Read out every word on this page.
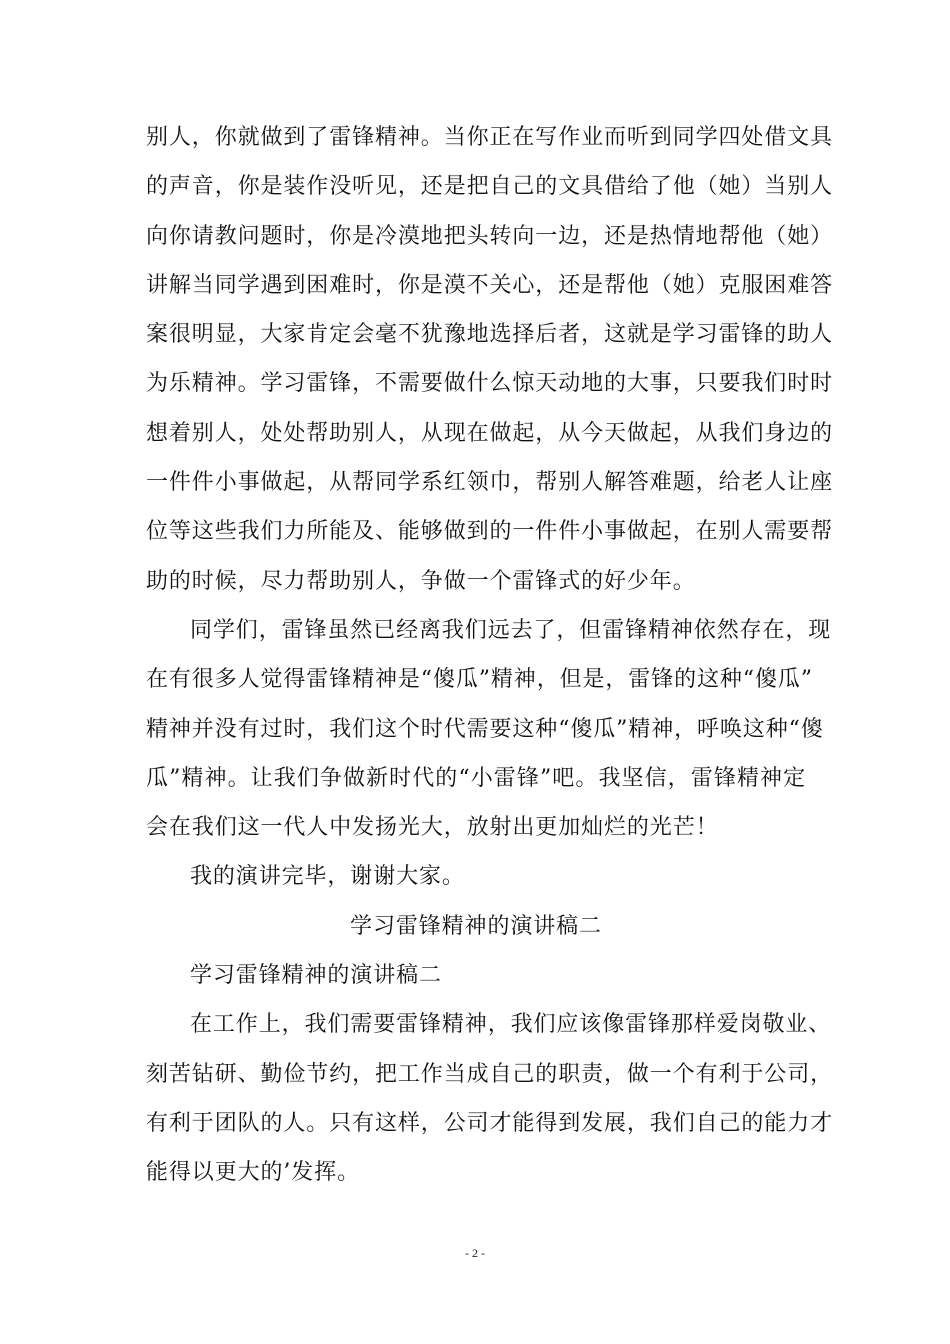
别人，你就做到了雷锋精神。当你正在写作业而听到同学四处借文具
的声音，你是装作没听见，还是把自己的文具借给了他（她）当别人
向你请教问题时，你是冷漠地把头转向一边，还是热情地帮他（她）
讲解当同学遇到困难时，你是漠不关心，还是帮他（她）克服困难答
案很明显，大家肯定会毫不犹豫地选择后者，这就是学习雷锋的助人
为乐精神。学习雷锋，不需要做什么惊天动地的大事，只要我们时时
想着别人，处处帮助别人，从现在做起，从今天做起，从我们身边的
一件件小事做起，从帮同学系红领巾，帮别人解答难题，给老人让座
位等这些我们力所能及、能够做到的一件件小事做起，在别人需要帮
助的时候，尽力帮助别人，争做一个雷锋式的好少年。
同学们，雷锋虽然已经离我们远去了，但雷锋精神依然存在，现
在有很多人觉得雷锋精神是“傻瓜”精神，但是，雷锋的这种“傻瓜”
精神并没有过时，我们这个时代需要这种“傻瓜”精神，呼唤这种“傻
瓜”精神。让我们争做新时代的“小雷锋”吧。我坚信，雷锋精神定
会在我们这一代人中发扬光大，放射出更加灿烂的光芒！
我的演讲完毕，谢谢大家。
学习雷锋精神的演讲稿二
学习雷锋精神的演讲稿二
在工作上，我们需要雷锋精神，我们应该像雷锋那样爱岗敬业、
刻苦钻研、勤俭节约，把工作当成自己的职责，做一个有利于公司，
有利于团队的人。只有这样，公司才能得到发展，我们自己的能力才
能得以更大的’发挥。
- 2 -
